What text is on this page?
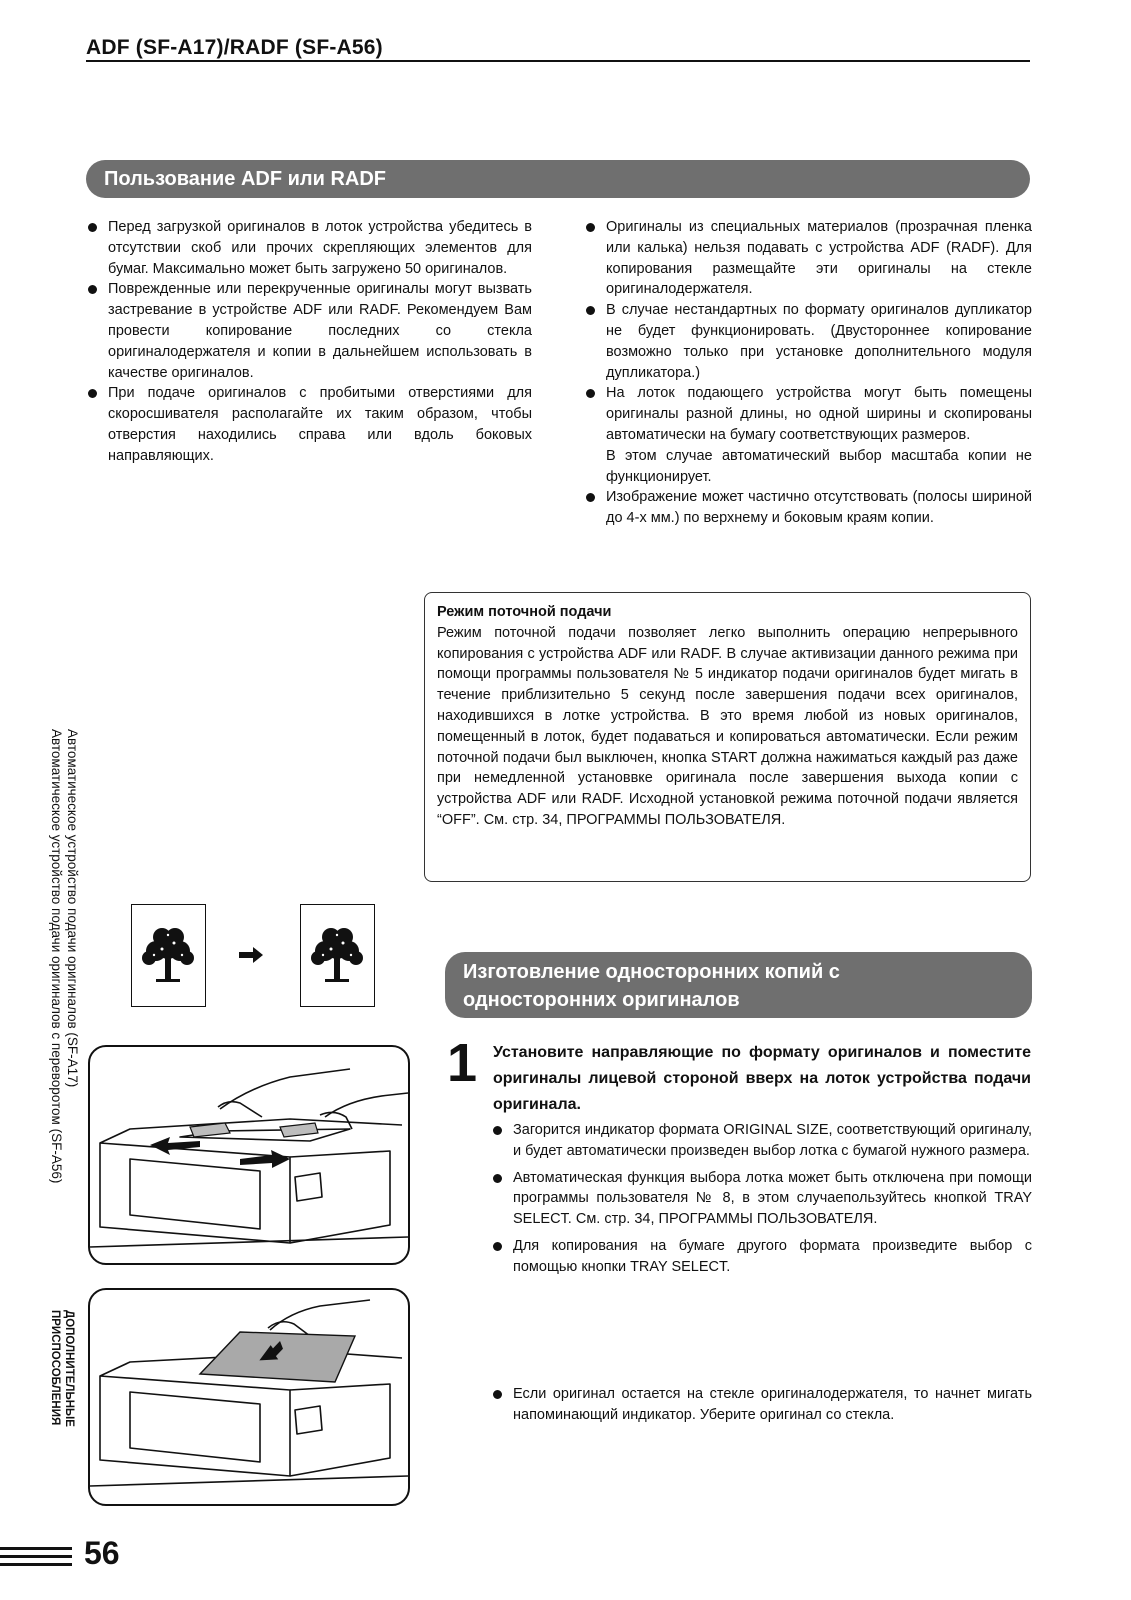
ADF (SF-A17)/RADF (SF-A56)
Пользование ADF или RADF
Перед загрузкой оригиналов в лоток устройства убедитесь в отсутствии скоб или прочих скрепляющих элементов для бумаг. Максимально может быть загружено 50 оригиналов.
Поврежденные или перекрученные оригиналы могут вызвать застревание в устройстве ADF или RADF. Рекомендуем Вам провести копирование последних со стекла оригиналодержателя и копии в дальнейшем использовать в качестве оригиналов.
При подаче оригиналов с пробитыми отверстиями для скоросшивателя располагайте их таким образом, чтобы отверстия находились справа или вдоль боковых направляющих.
Оригиналы из специальных материалов (прозрачная пленка или калька) нельзя подавать с устройства ADF (RADF). Для копирования размещайте эти оригиналы на стекле оригиналодержателя.
В случае нестандартных по формату оригиналов дупликатор не будет функционировать. (Двустороннее копирование возможно только при установке дополнительного модуля дупликатора.)
На лоток подающего устройства могут быть помещены оригиналы разной длины, но одной ширины и скопированы автоматически на бумагу соответствующих размеров.
В этом случае автоматический выбор масштаба копии не функционирует.
Изображение может частично отсутствовать (полосы шириной до 4-х мм.) по верхнему и боковым краям копии.
Режим поточной подачи
Режим поточной подачи позволяет легко выполнить операцию непрерывного копирования с устройства ADF или RADF. В случае активизации данного режима при помощи программы пользователя № 5 индикатор подачи оригиналов будет мигать в течение приблизительно 5 секунд после завершения подачи всех оригиналов, находившихся в лотке устройства. В это время любой из новых оригиналов, помещенный в лоток, будет подаваться и копироваться автоматически. Если режим поточной подачи был выключен, кнопка START должна нажиматься каждый раз даже при немедленной установвке оригинала после завершения выхода копии с устройства ADF или RADF. Исходной установкой режима поточной подачи является “OFF”. См. стр. 34, ПРОГРАММЫ ПОЛЬЗОВАТЕЛЯ.
Изготовление односторонних копий с
односторонних оригиналов
1 Установите направляющие по формату оригиналов и поместите оригиналы лицевой стороной вверх на лоток устройства подачи оригинала.
Загорится индикатор формата ORIGINAL SIZE, соответствующий оригиналу, и будет автоматически произведен выбор лотка с бумагой нужного размера.
Автоматическая функция выбора лотка может быть отключена при помощи программы пользователя № 8, в этом случаепользуйтесь кнопкой TRAY SELECT. См. стр. 34, ПРОГРАММЫ ПОЛЬЗОВАТЕЛЯ.
Для копирования на бумаге другого формата произведите выбор с помощью кнопки TRAY SELECT.
Если оригинал остается на стекле оригиналодержателя, то начнет мигать напоминающий индикатор. Уберите оригинал со стекла.
Автоматическое устройство подачи оригиналов (SF-A17)
Автоматическое устройство подачи оригиналов с переворотом (SF-A56)
ДОПОЛНИТЕЛЬНЫЕ
ПРИСПОСОБЛЕНИЯ
56
